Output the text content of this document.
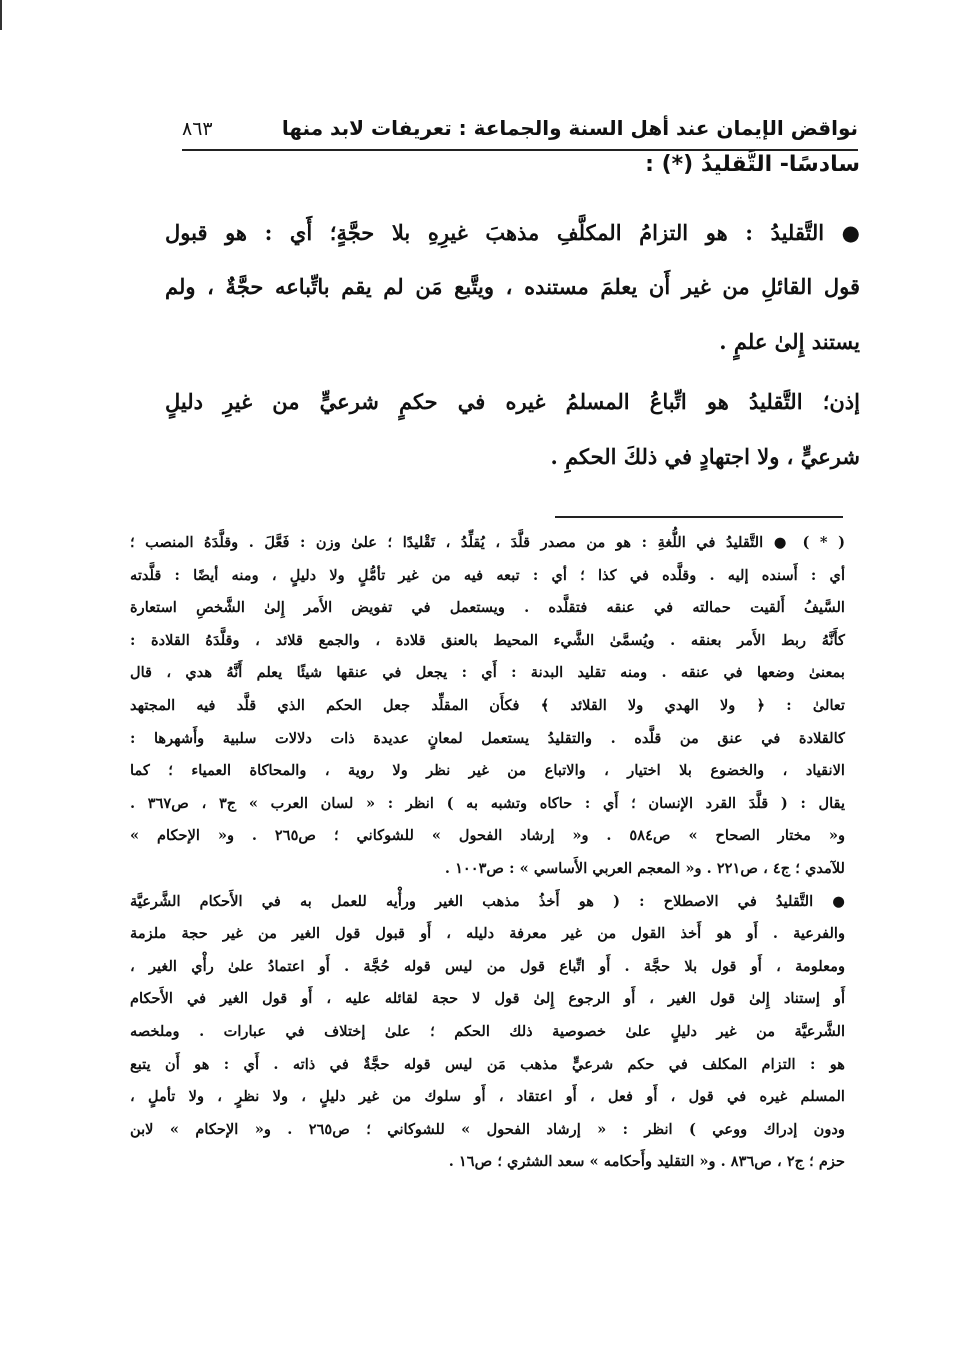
نواقض الإيمان عند أهل السنة والجماعة : تعريفات لابد منها
٨٦٣
سادسًا- التَّقليدُ (*) :
● التَّقليدُ : هو التزامُ المكلَّفِ مذهبَ غيرِهِ بلا حجَّةٍ؛ أَي : هو قبول
قول القائلِ من غير أَن يعلمَ مستنده ، ويتَّبع مَن لم يقم باتِّباعه حجَّةٌ ، ولم
يستند إِلىٰ علمٍ .
إذن؛ التَّقليدُ هو اتِّباعُ المسلمُ غيره في حكمٍ شرعيٍّ من غيرِ دليلٍ
شرعيٍّ ، ولا اجتهادٍ في ذلكَ الحكمِ .
( * ) ● التَّقليدُ في اللُّغةِ : هو من مصدر قلَّدَ ، يُقلِّدُ ، تَقْليدًا ؛ علىٰ وزن : فَعَّلَ . وقلَّدَهُ المنصب ؛
أي : أَسنده إليه . وقلَّده في كذا ؛ أي : تبعه فيه من غير تأمُّلٍ ولا دليلٍ ، ومنه أيضًا : قلَّدته
السَّيفُ أَلقيت حمالته في عنقه فتقلَّده . ويستعمل في تفويض الأَمر إِلىٰ الشَّخصِ استعارة
كأَنَّهُ ربط الأَمر بعنقه . ويُسمَّىٰ الشَّيء المحيط بالعنق قلادة ، والجمع قلائد ، وقلَّدَهُ القلادة :
بمعنىٰ وضعها في عنقه . ومنه تقليد البدنة : أَي : يجعل في عنقها شيئًا يعلم أَنَّهُ هدي ، قال
تعالىٰ : ﴿ ولا الهدي ولا القلائد ﴾ فكأَن المقلِّد جعل الحكم الذي قلَّد فيه المجتهد
كالقلادة في عنق من قلَّده . والتقليدُ يستعمل لمعانٍ عديدة ذات دلالات سلبية وأَشهرها :
الانقياد ، والخضوع بلا اختيار ، والاتباع من غير نظر ولا روية ، والمحاكاة العمياء ؛ كما
يقال : ( قلَّدَ القرد الإنسان ؛ أَي : حاكاه وتشبه به ) انظر : « لسان العرب » ج٣ ، ص٣٦٧ .
و« مختار الصحاح » ص٥٨٤ . و« إرشاد الفحول » للشوكاني ؛ ص٢٦٥ . و« الإحكام »
للآمدي ؛ ج٤ ، ص٢٢١ . و« المعجم العربي الأَساسي » : ص١٠٠٣ .
● التَّقليدُ في الاصطلاح : ( هو أَخذُ مذهب الغير ورأْيه للعمل به في الأَحكام الشَّرعيَّة
والفرعية . أَو هو أَخذ القول من غير معرفة دليله ، أَو قبول قول الغير من غير حجة ملزمة
ومعلومة ، أَو قول بلا حجَّة . أَو اتِّباع قول من ليس قوله حُجَّة . أَو اعتمادُ علىٰ رأْي الغير ،
أَو إستناد إِلىٰ قول الغير ، أَو الرجوع إِلىٰ قول لا حجة لقائله عليه ، أَو قول الغير في الأَحكام
الشَّرعيَّة من غير دليلٍ علىٰ خصوصية ذلك الحكم ؛ علىٰ إختلاف في عبارات . وملخصه
هو : التزام المكلف في حكم شرعيٍّ مذهب مَن ليس قوله حجَّةٌ في ذاته . أَي : هو أَن يتبع
المسلم غيره في قول ، أَو فعل ، أَو اعتقاد ، أَو سلوك من غير دليلٍ ، ولا نظرٍ ، ولا تأملٍ ،
ودون إدراك ووعي ) انظر : « إرشاد الفحول » للشوكاني ؛ ص٢٦٥ . و« الإحكام » لابن
حزم ؛ ج٢ ، ص٨٣٦ . و« التقليد وأَحكامه » سعد الشثري ؛ ص١٦ .
